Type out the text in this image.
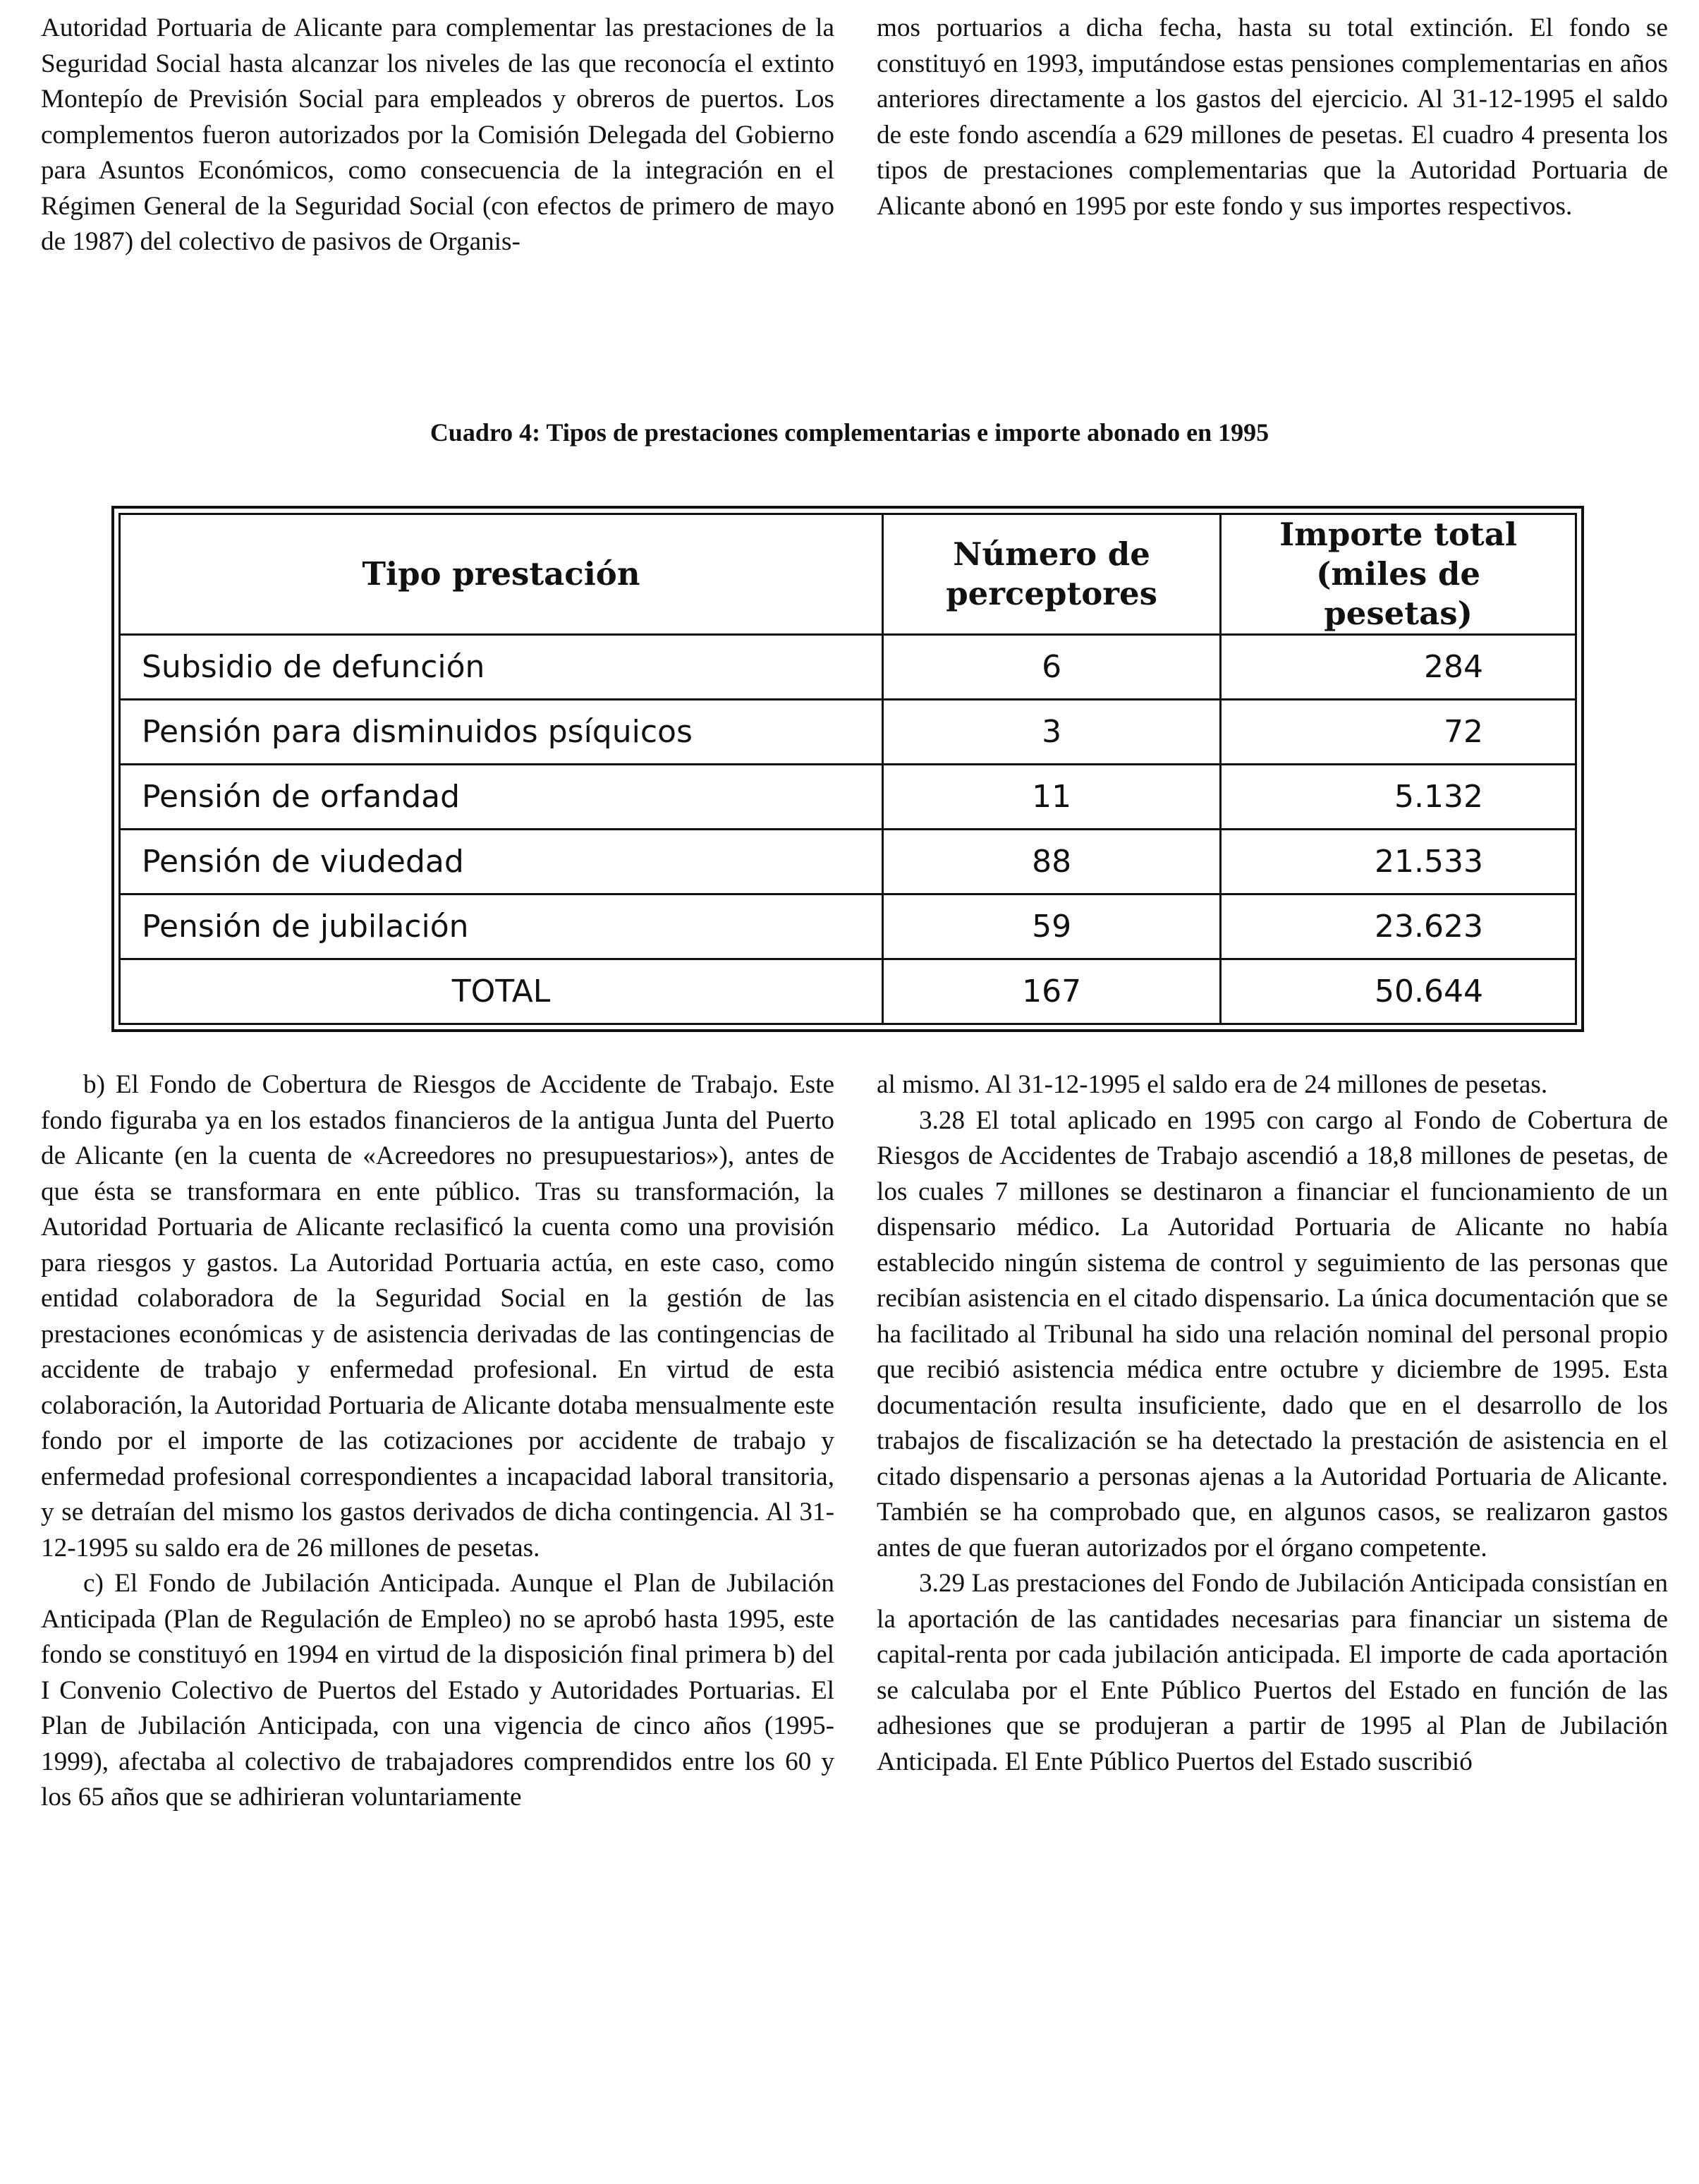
Autoridad Portuaria de Alicante para complementar las prestaciones de la Seguridad Social hasta alcanzar los niveles de las que reconocía el extinto Montepío de Previsión Social para empleados y obreros de puertos. Los complementos fueron autorizados por la Comisión Delegada del Gobierno para Asuntos Económicos, como consecuencia de la integración en el Régimen General de la Seguridad Social (con efectos de primero de mayo de 1987) del colectivo de pasivos de Organis-

mos portuarios a dicha fecha, hasta su total extinción. El fondo se constituyó en 1993, imputándose estas pensiones complementarias en años anteriores directamente a los gastos del ejercicio. Al 31-12-1995 el saldo de este fondo ascendía a 629 millones de pesetas. El cuadro 4 presenta los tipos de prestaciones complementarias que la Autoridad Portuaria de Alicante abonó en 1995 por este fondo y sus importes respectivos.

Cuadro 4: Tipos de prestaciones complementarias e importe abonado en 1995
Tipo prestación	Número de perceptores	Importe total (miles de pesetas)
Subsidio de defunción	6	284
Pensión para disminuidos psíquicos	3	72
Pensión de orfandad	11	5.132
Pensión de viudedad	88	21.533
Pensión de jubilación	59	23.623
TOTAL	167	50.644

b) El Fondo de Cobertura de Riesgos de Accidente de Trabajo. Este fondo figuraba ya en los estados financieros de la antigua Junta del Puerto de Alicante (en la cuenta de «Acreedores no presupuestarios»), antes de que ésta se transformara en ente público. Tras su transformación, la Autoridad Portuaria de Alicante reclasificó la cuenta como una provisión para riesgos y gastos. La Autoridad Portuaria actúa, en este caso, como entidad colaboradora de la Seguridad Social en la gestión de las prestaciones económicas y de asistencia derivadas de las contingencias de accidente de trabajo y enfermedad profesional. En virtud de esta colaboración, la Autoridad Portuaria de Alicante dotaba mensualmente este fondo por el importe de las cotizaciones por accidente de trabajo y enfermedad profesional correspondientes a incapacidad laboral transitoria, y se detraían del mismo los gastos derivados de dicha contingencia. Al 31-12-1995 su saldo era de 26 millones de pesetas.

c) El Fondo de Jubilación Anticipada. Aunque el Plan de Jubilación Anticipada (Plan de Regulación de Empleo) no se aprobó hasta 1995, este fondo se constituyó en 1994 en virtud de la disposición final primera b) del I Convenio Colectivo de Puertos del Estado y Autoridades Portuarias. El Plan de Jubilación Anticipada, con una vigencia de cinco años (1995-1999), afectaba al colectivo de trabajadores comprendidos entre los 60 y los 65 años que se adhirieran voluntariamente

al mismo. Al 31-12-1995 el saldo era de 24 millones de pesetas.

3.28 El total aplicado en 1995 con cargo al Fondo de Cobertura de Riesgos de Accidentes de Trabajo ascendió a 18,8 millones de pesetas, de los cuales 7 millones se destinaron a financiar el funcionamiento de un dispensario médico. La Autoridad Portuaria de Alicante no había establecido ningún sistema de control y seguimiento de las personas que recibían asistencia en el citado dispensario. La única documentación que se ha facilitado al Tribunal ha sido una relación nominal del personal propio que recibió asistencia médica entre octubre y diciembre de 1995. Esta documentación resulta insuficiente, dado que en el desarrollo de los trabajos de fiscalización se ha detectado la prestación de asistencia en el citado dispensario a personas ajenas a la Autoridad Portuaria de Alicante. También se ha comprobado que, en algunos casos, se realizaron gastos antes de que fueran autorizados por el órgano competente.

3.29 Las prestaciones del Fondo de Jubilación Anticipada consistían en la aportación de las cantidades necesarias para financiar un sistema de capital-renta por cada jubilación anticipada. El importe de cada aportación se calculaba por el Ente Público Puertos del Estado en función de las adhesiones que se produjeran a partir de 1995 al Plan de Jubilación Anticipada. El Ente Público Puertos del Estado suscribió
